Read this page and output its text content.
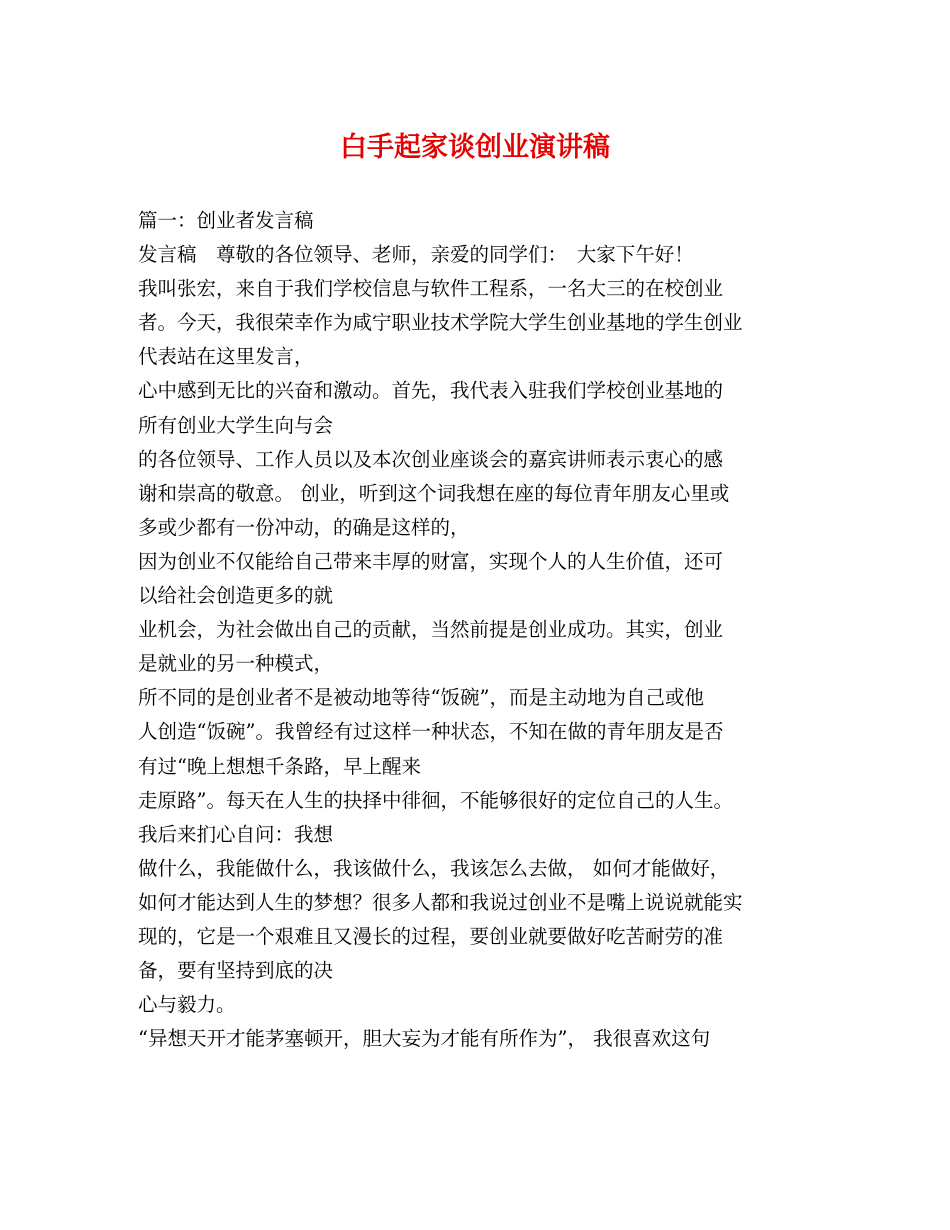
白手起家谈创业演讲稿
篇一：创业者发言稿
发言稿　尊敬的各位领导、老师，亲爱的同学们：　大家下午好！
我叫张宏，来自于我们学校信息与软件工程系，一名大三的在校创业
者。今天，我很荣幸作为咸宁职业技术学院大学生创业基地的学生创业
代表站在这里发言，
心中感到无比的兴奋和激动。首先，我代表入驻我们学校创业基地的
所有创业大学生向与会
的各位领导、工作人员以及本次创业座谈会的嘉宾讲师表示衷心的感
谢和崇高的敬意。 创业，听到这个词我想在座的每位青年朋友心里或
多或少都有一份冲动，的确是这样的，
因为创业不仅能给自己带来丰厚的财富，实现个人的人生价值，还可
以给社会创造更多的就
业机会，为社会做出自己的贡献，当然前提是创业成功。其实，创业
是就业的另一种模式，
所不同的是创业者不是被动地等待“饭碗”，而是主动地为自己或他
人创造“饭碗”。我曾经有过这样一种状态，不知在做的青年朋友是否
有过“晚上想想千条路，早上醒来
走原路”。每天在人生的抉择中徘徊，不能够很好的定位自己的人生。
我后来扪心自问：我想
做什么，我能做什么，我该做什么，我该怎么去做， 如何才能做好，
如何才能达到人生的梦想？很多人都和我说过创业不是嘴上说说就能实
现的，它是一个艰难且又漫长的过程，要创业就要做好吃苦耐劳的准
备，要有坚持到底的决
心与毅力。
“异想天开才能茅塞顿开，胆大妄为才能有所作为”， 我很喜欢这句
